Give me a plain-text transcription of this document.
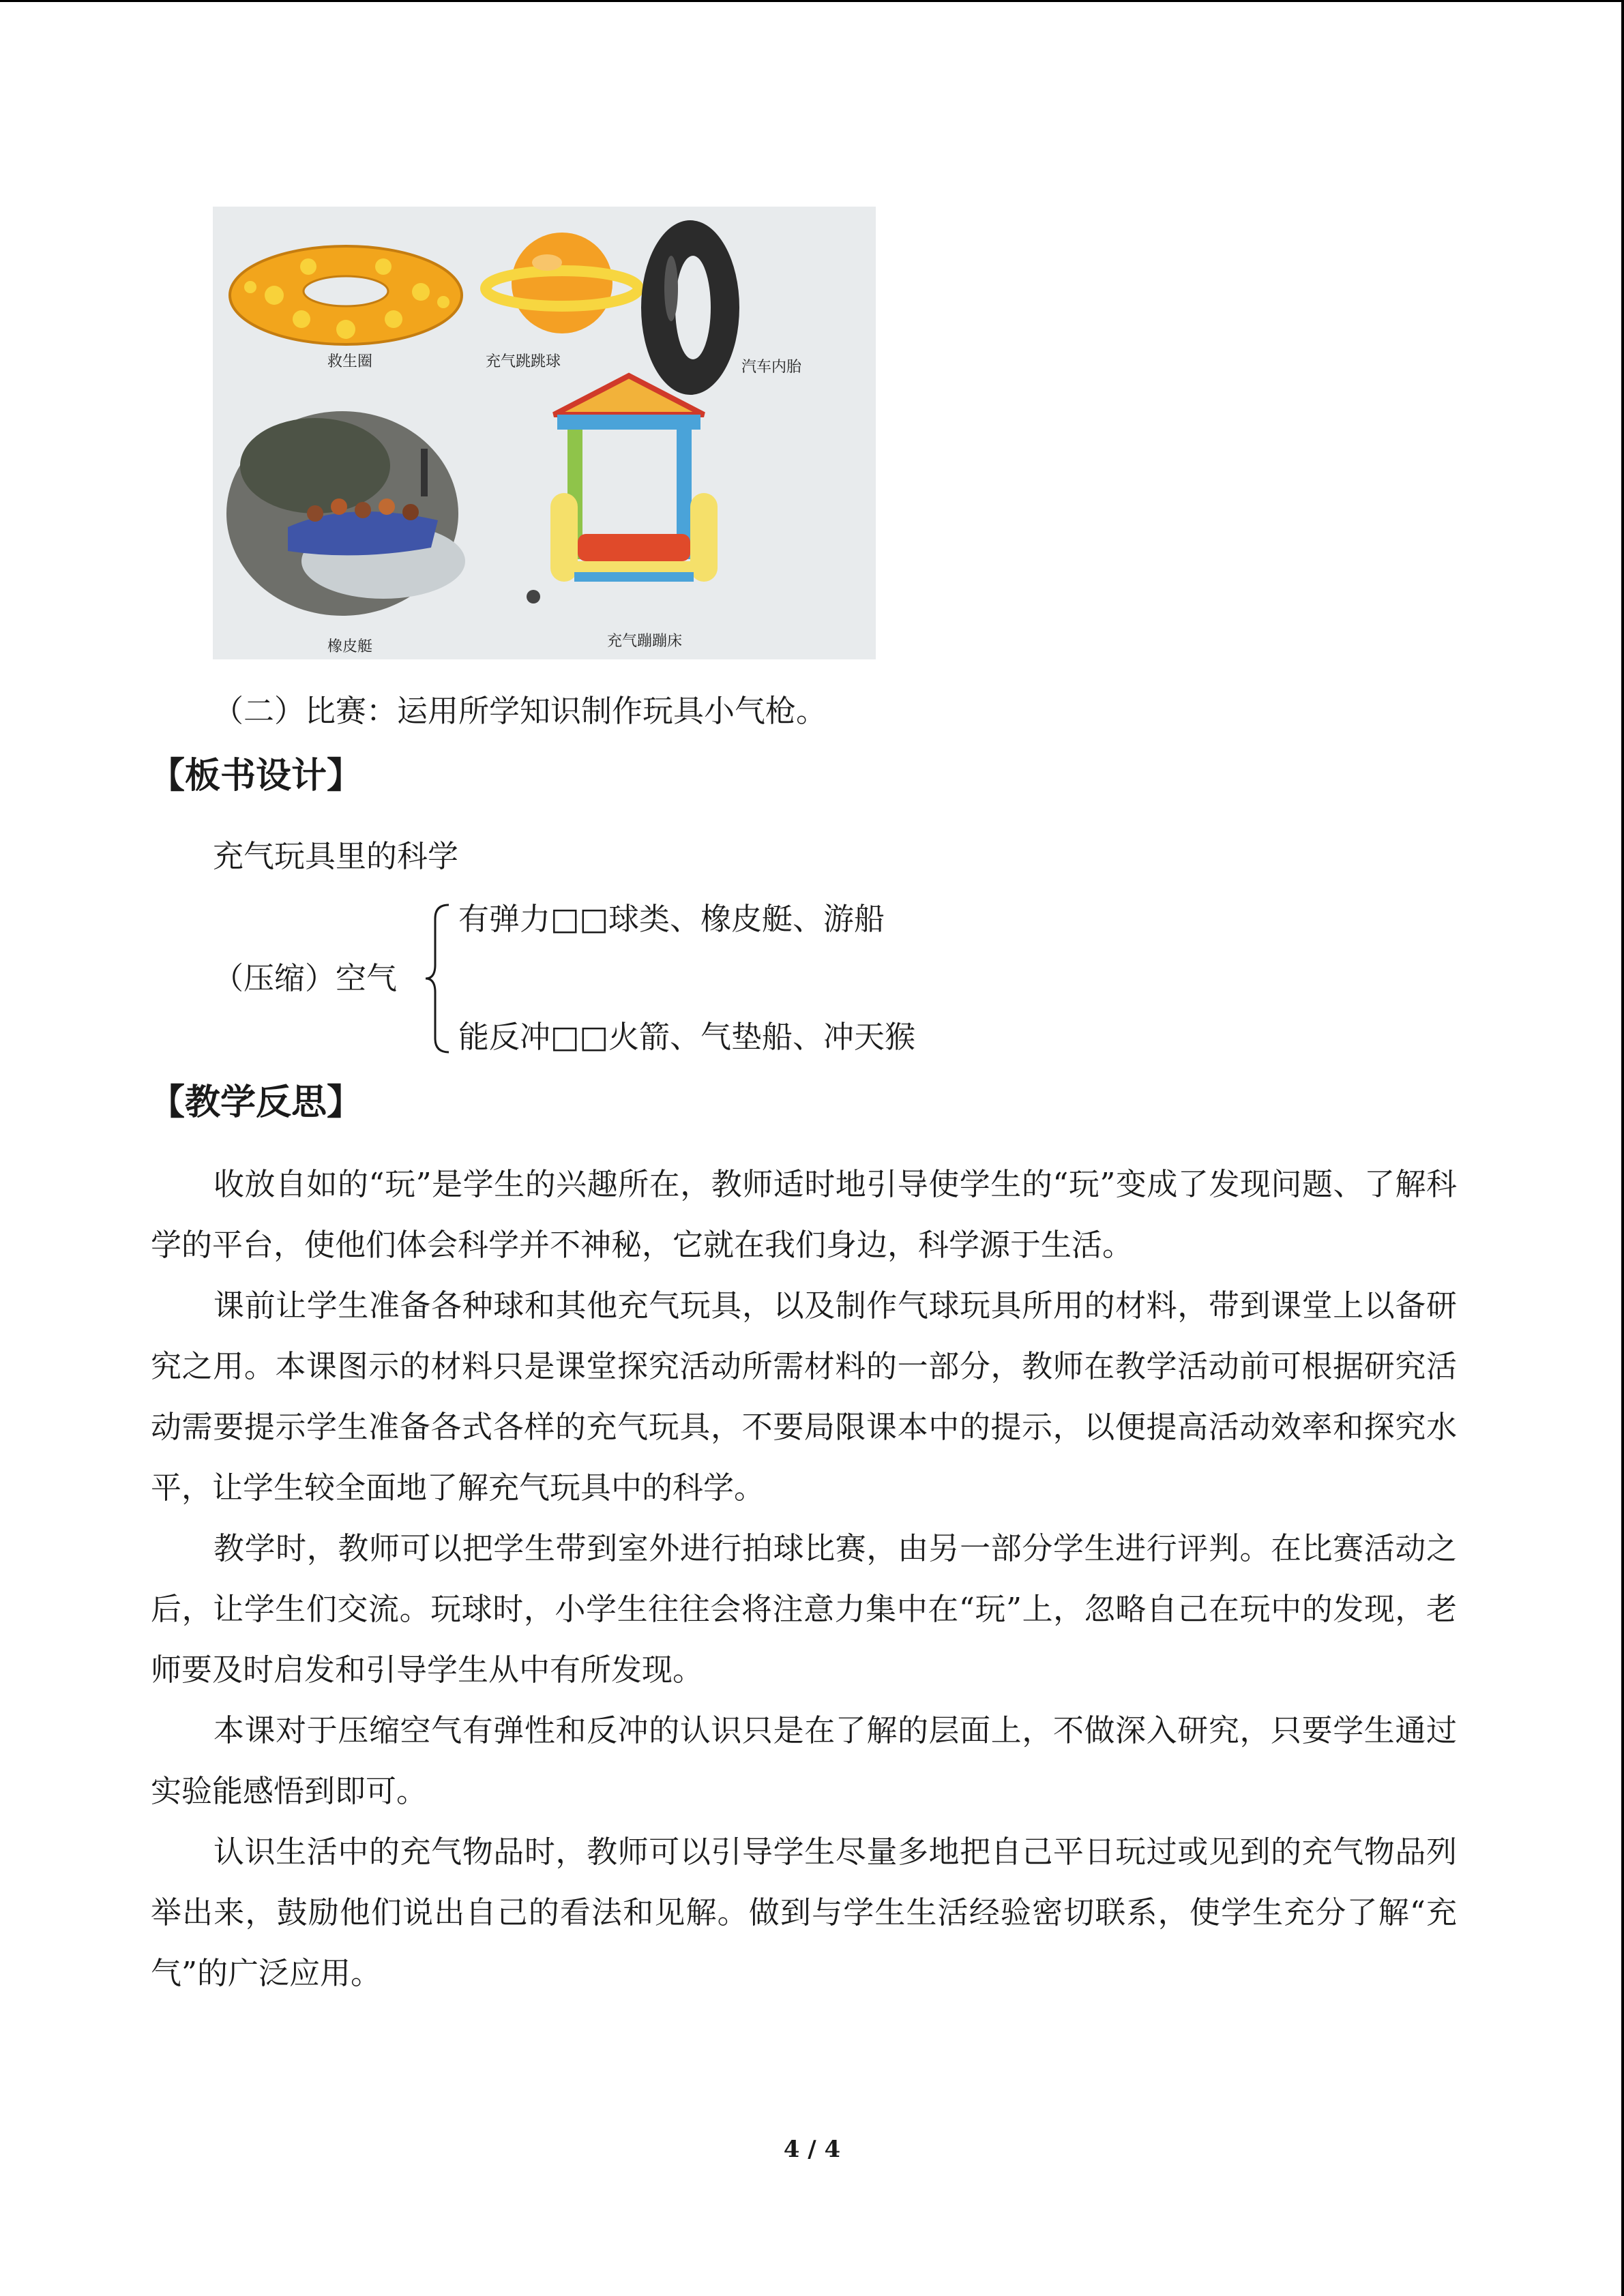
救生圈	充气跳跳球	汽车内胎
橡皮艇	充气蹦蹦床
（二）比赛：运用所学知识制作玩具小气枪。
【板书设计】
充气玩具里的科学
（压缩）空气
有弹力□□球类、橡皮艇、游船
能反冲□□火箭、气垫船、冲天猴
【教学反思】

收放自如的“玩”是学生的兴趣所在，教师适时地引导使学生的“玩”变成了发现问题、了解科学的平台，使他们体会科学并不神秘，它就在我们身边，科学源于生活。

课前让学生准备各种球和其他充气玩具，以及制作气球玩具所用的材料，带到课堂上以备研究之用。本课图示的材料只是课堂探究活动所需材料的一部分，教师在教学活动前可根据研究活动需要提示学生准备各式各样的充气玩具，不要局限课本中的提示，以便提高活动效率和探究水平，让学生较全面地了解充气玩具中的科学。

教学时，教师可以把学生带到室外进行拍球比赛，由另一部分学生进行评判。在比赛活动之后，让学生们交流。玩球时，小学生往往会将注意力集中在“玩”上，忽略自己在玩中的发现，老师要及时启发和引导学生从中有所发现。

本课对于压缩空气有弹性和反冲的认识只是在了解的层面上，不做深入研究，只要学生通过实验能感悟到即可。

认识生活中的充气物品时，教师可以引导学生尽量多地把自己平日玩过或见到的充气物品列举出来，鼓励他们说出自己的看法和见解。做到与学生生活经验密切联系，使学生充分了解“充气”的广泛应用。

4 / 4
